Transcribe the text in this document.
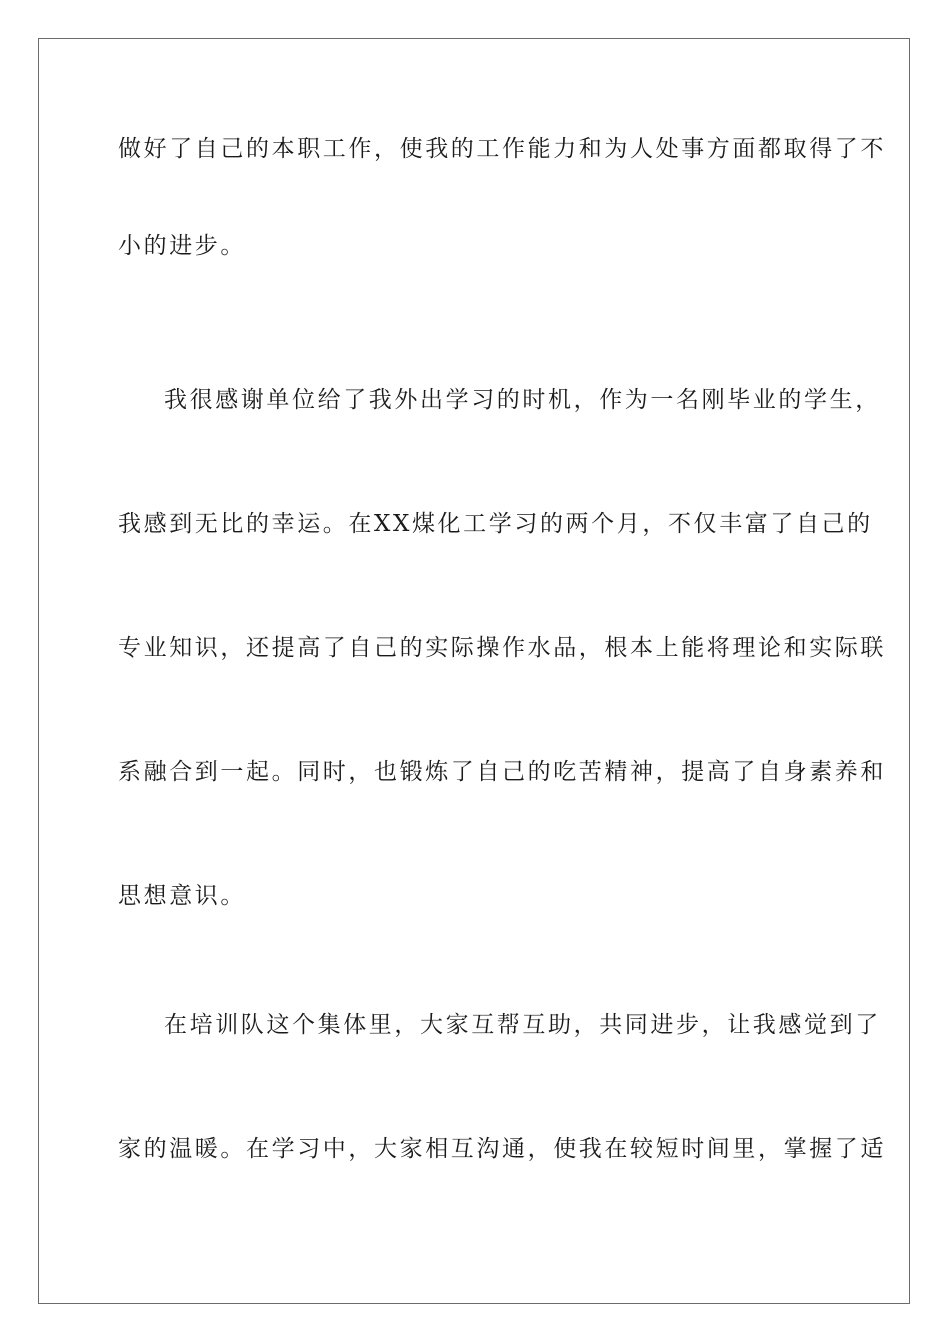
做好了自己的本职工作，使我的工作能力和为人处事方面都取得了不
小的进步。
我很感谢单位给了我外出学习的时机，作为一名刚毕业的学生，
我感到无比的幸运。在XX煤化工学习的两个月，不仅丰富了自己的
专业知识，还提高了自己的实际操作水品，根本上能将理论和实际联
系融合到一起。同时，也锻炼了自己的吃苦精神，提高了自身素养和
思想意识。
在培训队这个集体里，大家互帮互助，共同进步，让我感觉到了
家的温暖。在学习中，大家相互沟通，使我在较短时间里，掌握了适
